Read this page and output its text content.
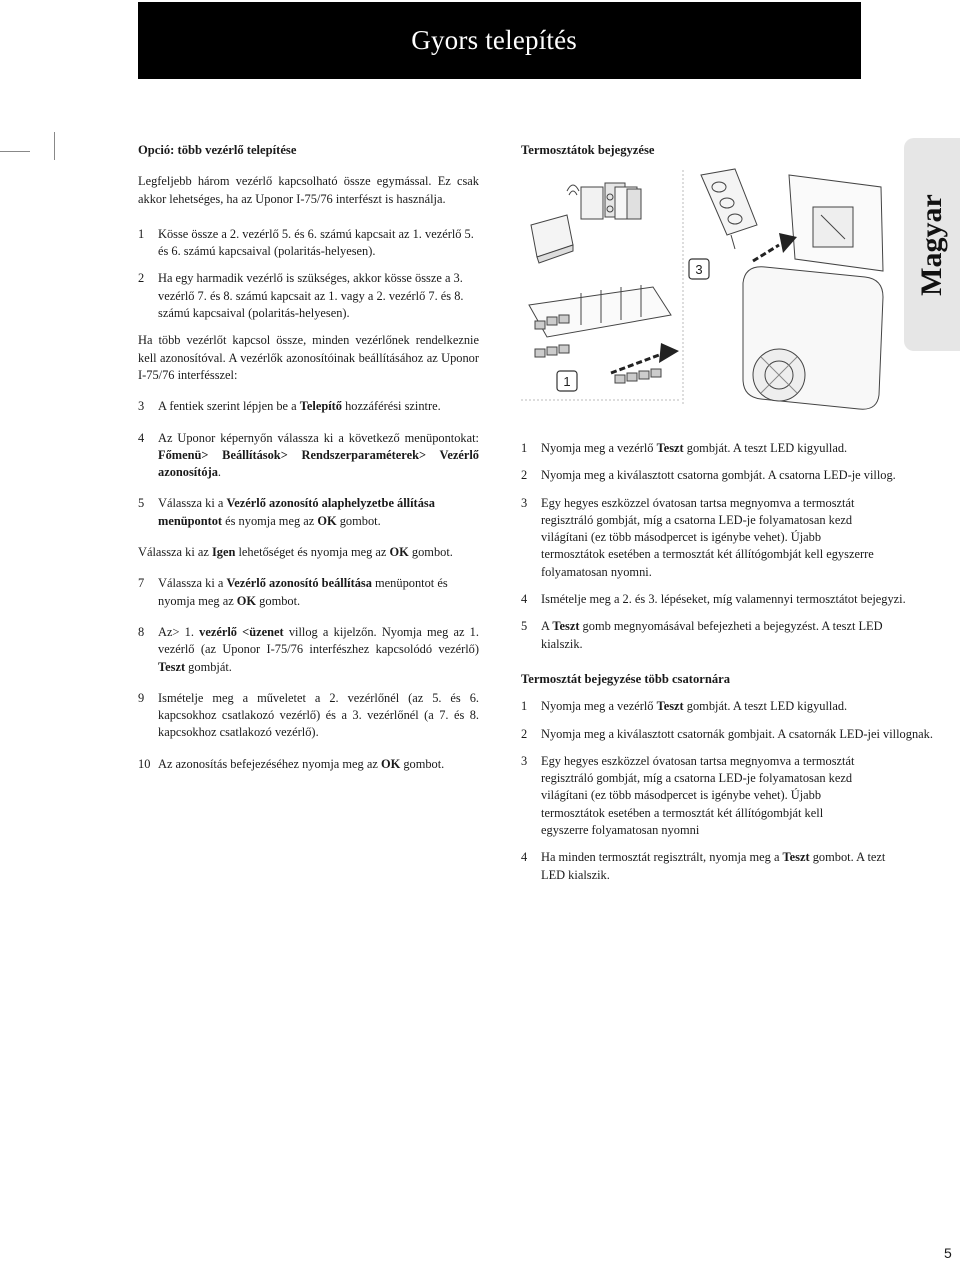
Gyors telepítés
Magyar

Opció: több vezérlő telepítése

Legfeljebb három vezérlő kapcsolható össze egymással. Ez csak akkor lehetséges, ha az Uponor I-75/76 interfészt is használja.

1	Kösse össze a 2. vezérlő 5. és 6. számú kapcsait az 1. vezérlő 5. és 6. számú kapcsaival (polaritás-helyesen).
2	Ha egy harmadik vezérlő is szükséges, akkor kösse össze a 3. vezérlő 7. és 8. számú kapcsait az 1. vagy a 2. vezérlő 7. és 8. számú kapcsaival (polaritás-helyesen).

Ha több vezérlőt kapcsol össze, minden vezérlőnek rendelkeznie kell azonosítóval. A vezérlők azonosítóinak beállításához az Uponor I-75/76 interfésszel:

3	A fentiek szerint lépjen be a Telepítő hozzáférési szintre.
4	Az Uponor képernyőn válassza ki a következő menüpontokat: Főmenü> Beállítások> Rendszerparaméterek> Vezérlő azonosítója.
5	Válassza ki a Vezérlő azonosító alaphelyzetbe állítása menüpontot és nyomja meg az OK gombot.

Válassza ki az Igen lehetőséget és nyomja meg az OK gombot.

7	Válassza ki a Vezérlő azonosító beállítása menüpontot és nyomja meg az OK gombot.
8	Az> 1. vezérlő <üzenet villog a kijelzőn. Nyomja meg az 1. vezérlő (az Uponor I-75/76 interfészhez kapcsolódó vezérlő) Teszt gombját.
9	Ismételje meg a műveletet a 2. vezérlőnél (az 5. és 6. kapcsokhoz csatlakozó vezérlő) és a 3. vezérlőnél (a 7. és 8. kapcsokhoz csatlakozó vezérlő).
10 Az azonosítás befejezéséhez nyomja meg az OK gombot.

Termosztátok bejegyzése

1
3
1	Nyomja meg a vezérlő Teszt gombját. A teszt LED kigyullad.
2	Nyomja meg a kiválasztott csatorna gombját. A csatorna LED-je villog.
3	Egy hegyes eszközzel óvatosan tartsa megnyomva a termosztát regisztráló gombját, míg a csatorna LED-je folyamatosan kezd világítani (ez több másodpercet is igénybe vehet). Újabb termosztátok esetében a termosztát két állítógombját kell egyszerre folyamatosan nyomni.
4	Ismételje meg a 2. és 3. lépéseket, míg valamennyi termosztátot bejegyzi.
5	A Teszt gomb megnyomásával befejezheti a bejegyzést. A teszt LED kialszik.

Termosztát bejegyzése több csatornára

1	Nyomja meg a vezérlő Teszt gombját. A teszt LED kigyullad.
2	Nyomja meg a kiválasztott csatornák gombjait. A csatornák LED-jei villognak.
3	Egy hegyes eszközzel óvatosan tartsa megnyomva a termosztát regisztráló gombját, míg a csatorna LED-je folyamatosan kezd világítani (ez több másodpercet is igénybe vehet). Újabb termosztátok esetében a termosztát két állítógombját kell egyszerre folyamatosan nyomni
4	Ha minden termosztát regisztrált, nyomja meg a Teszt gombot. A tezt LED kialszik.
5
